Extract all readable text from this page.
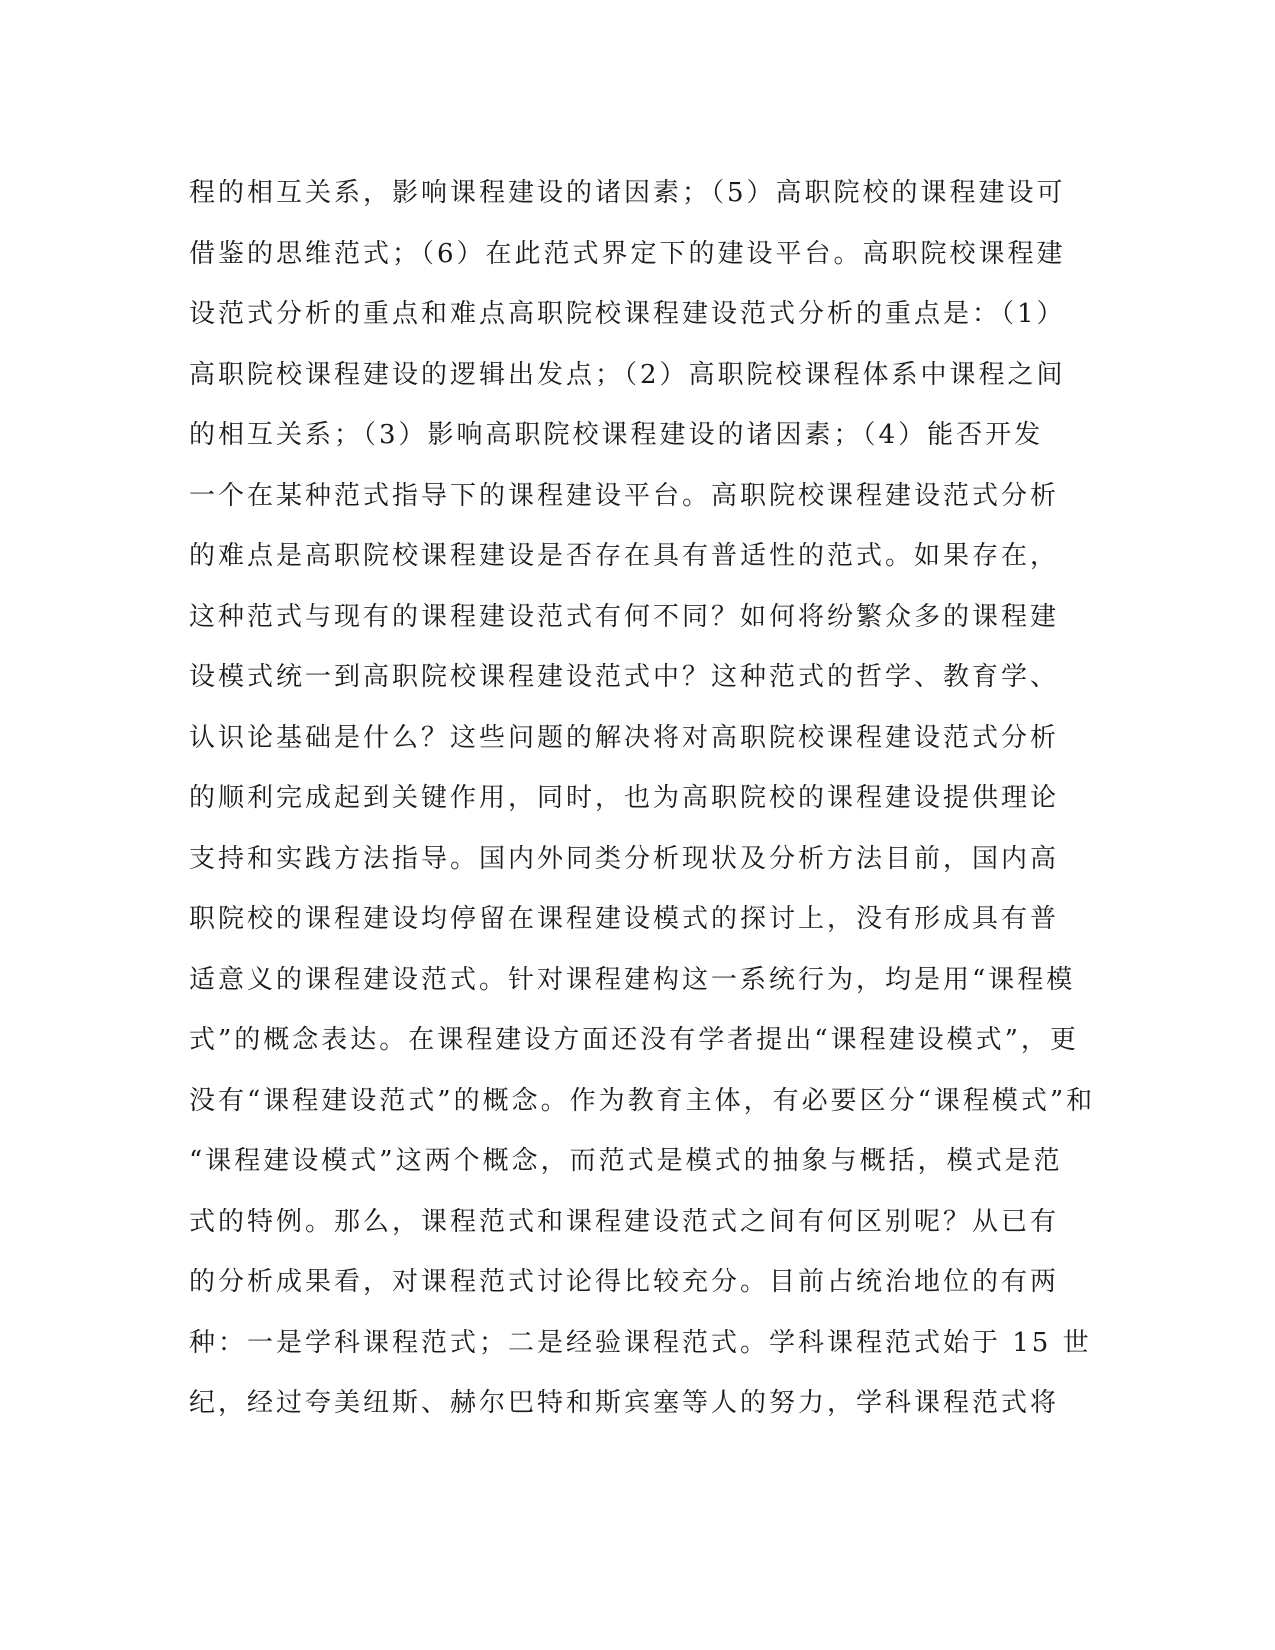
程的相互关系，影响课程建设的诸因素；（5）高职院校的课程建设可
借鉴的思维范式；（6）在此范式界定下的建设平台。高职院校课程建
设范式分析的重点和难点高职院校课程建设范式分析的重点是：（1）
高职院校课程建设的逻辑出发点；（2）高职院校课程体系中课程之间
的相互关系；（3）影响高职院校课程建设的诸因素；（4）能否开发
一个在某种范式指导下的课程建设平台。高职院校课程建设范式分析
的难点是高职院校课程建设是否存在具有普适性的范式。如果存在，
这种范式与现有的课程建设范式有何不同？如何将纷繁众多的课程建
设模式统一到高职院校课程建设范式中？这种范式的哲学、教育学、
认识论基础是什么？这些问题的解决将对高职院校课程建设范式分析
的顺利完成起到关键作用，同时，也为高职院校的课程建设提供理论
支持和实践方法指导。国内外同类分析现状及分析方法目前，国内高
职院校的课程建设均停留在课程建设模式的探讨上，没有形成具有普
适意义的课程建设范式。针对课程建构这一系统行为，均是用“课程模
式”的概念表达。在课程建设方面还没有学者提出“课程建设模式”，更
没有“课程建设范式”的概念。作为教育主体，有必要区分“课程模式”和
“课程建设模式”这两个概念，而范式是模式的抽象与概括，模式是范
式的特例。那么，课程范式和课程建设范式之间有何区别呢？从已有
的分析成果看，对课程范式讨论得比较充分。目前占统治地位的有两
种：一是学科课程范式；二是经验课程范式。学科课程范式始于 15 世
纪，经过夸美纽斯、赫尔巴特和斯宾塞等人的努力，学科课程范式将
